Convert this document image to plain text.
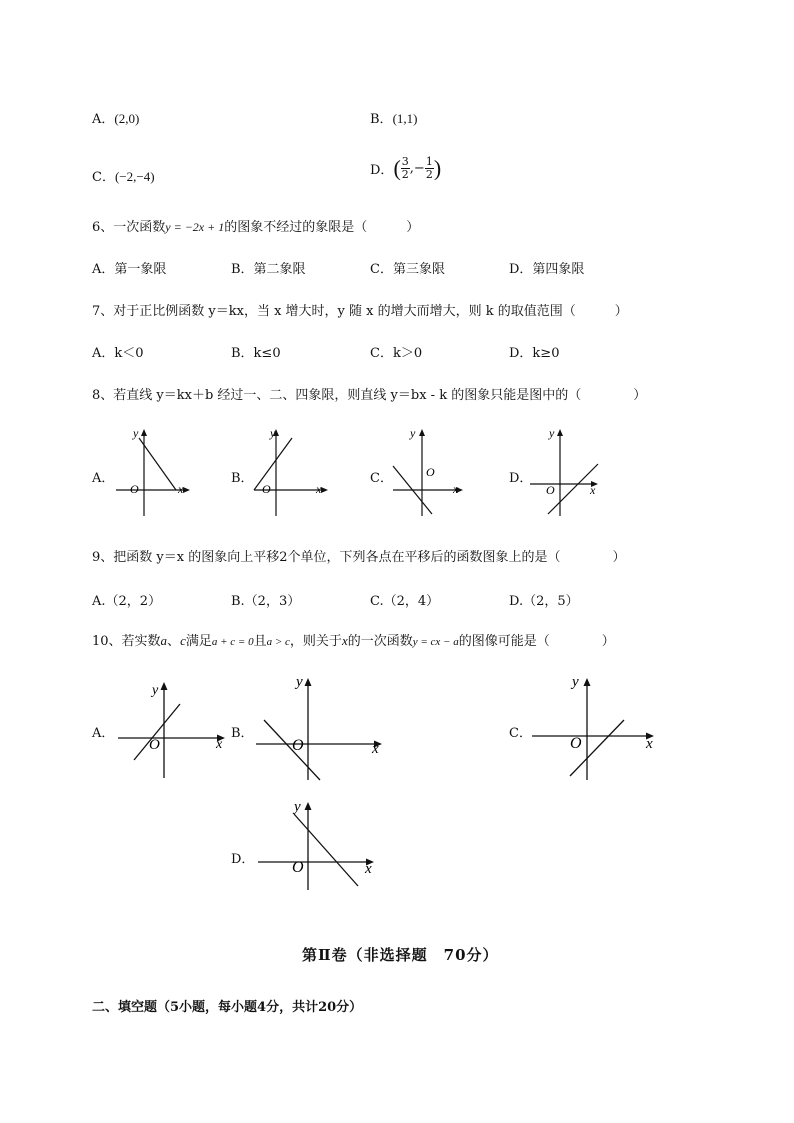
A．(2,0)	B．(1,1)
C．(−2,−4)	D．( $\frac{3}{2}$ ,− $\frac{1}{2}$ )
6、一次函数y = −2x + 1的图象不经过的象限是（　　　）
A．第一象限	B．第二象限	C．第三象限	D．第四象限
7、对于正比例函数 y＝kx，当 x 增大时，y 随 x 的增大而增大，则 k 的取值范围（　　　）
A．k＜0	B．k≤0	C．k＞0	D．k≥0
8、若直线 y＝kx＋b 经过一、二、四象限，则直线 y＝bx - k 的图象只能是图中的（　　　　）
A．
y
x
O
B．
y
x
O
C．
y
x
O	D．
y
x
O
9、把函数 y＝x 的图象向上平移2个单位，下列各点在平移后的函数图象上的是（　　　　）
A.（2，2）	B.（2，3）	C.（2，4）	D.（2，5）
10、若实数a、c满足a + c = 0且a > c，则关于x的一次函数y = cx − a的图像可能是（　　　　）
A．
y
x
O
B．
y
x
O
C．
y
x
O
D．
y
x
O
第Ⅱ卷（非选择题　70分）
二、填空题（5小题，每小题4分，共计20分）
